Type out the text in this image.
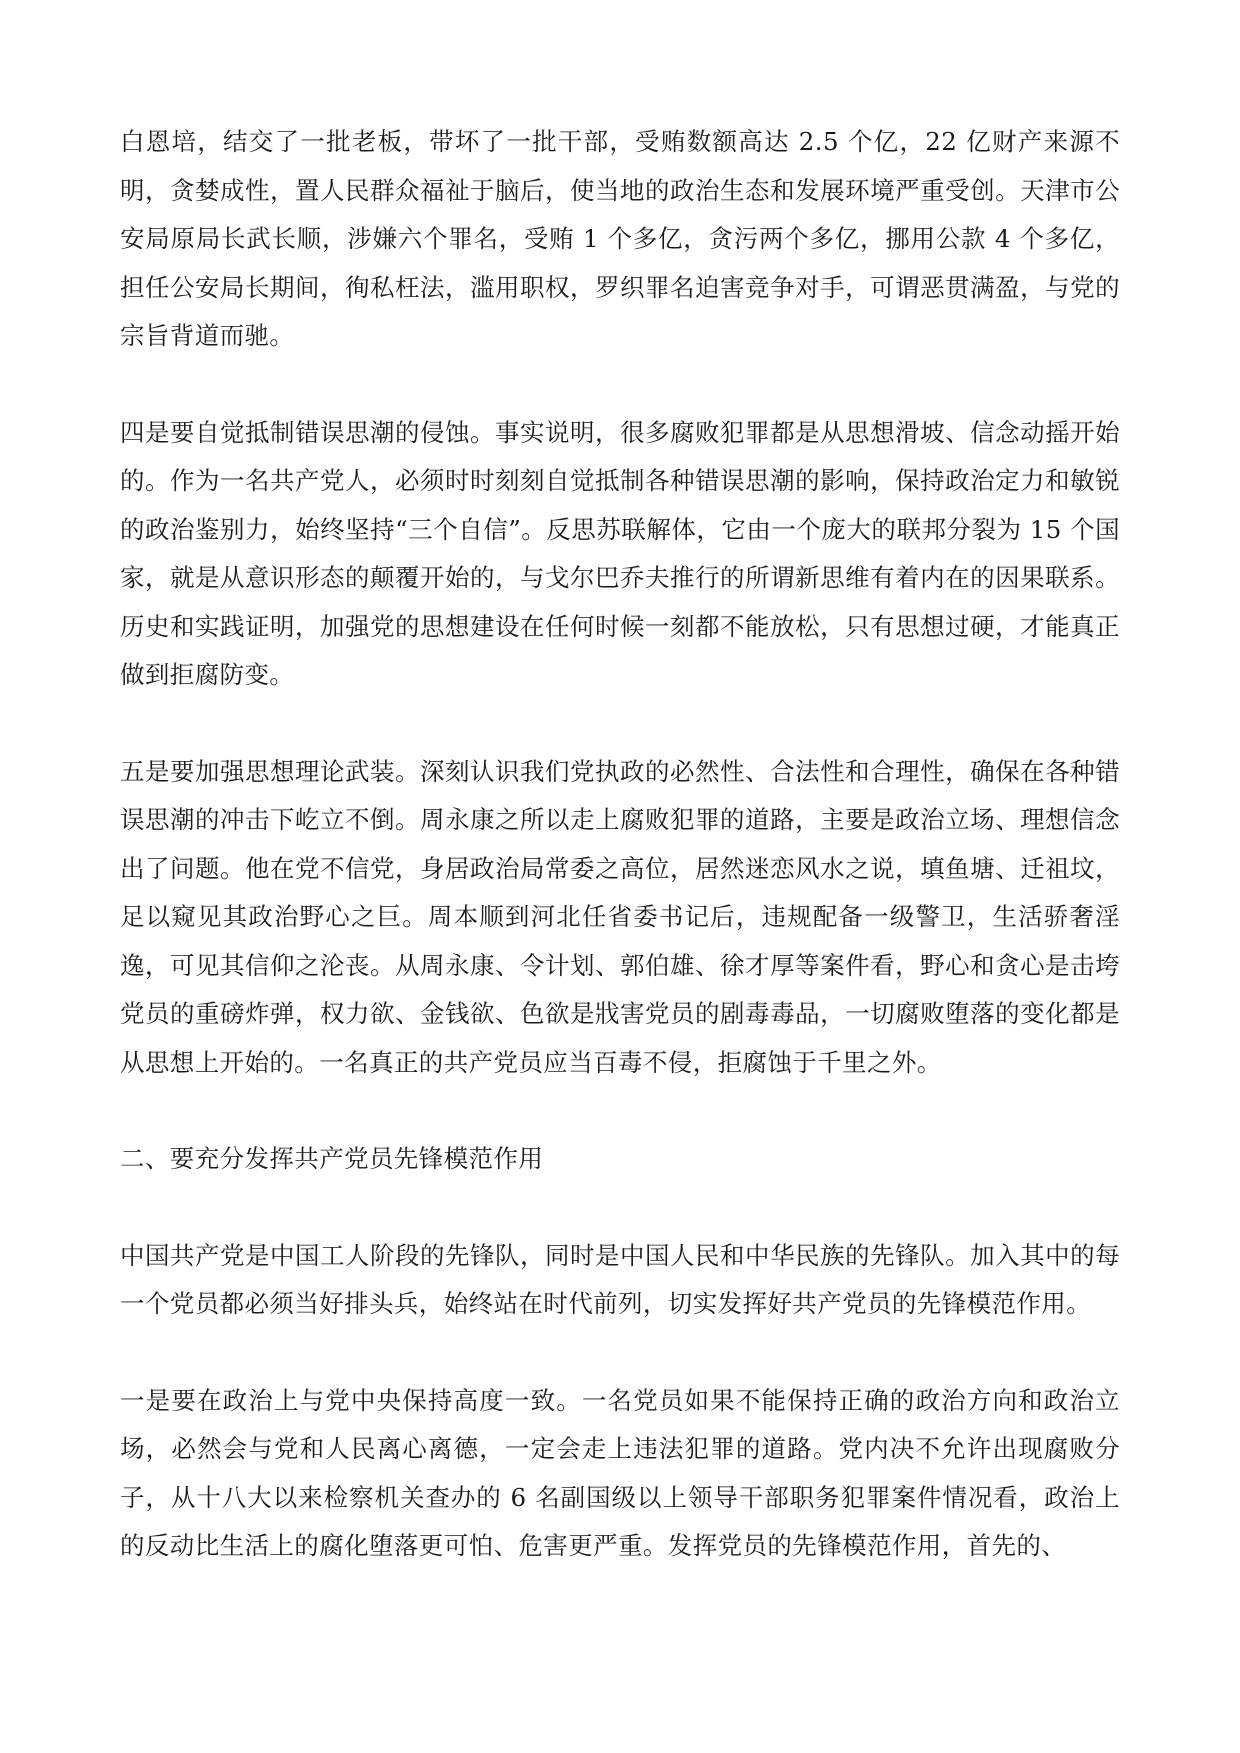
白恩培，结交了一批老板，带坏了一批干部，受贿数额高达 2.5 个亿，22 亿财产来源不明，贪婪成性，置人民群众福祉于脑后，使当地的政治生态和发展环境严重受创。天津市公安局原局长武长顺，涉嫌六个罪名，受贿 1 个多亿，贪污两个多亿，挪用公款 4 个多亿，担任公安局长期间，徇私枉法，滥用职权，罗织罪名迫害竞争对手，可谓恶贯满盈，与党的宗旨背道而驰。

四是要自觉抵制错误思潮的侵蚀。事实说明，很多腐败犯罪都是从思想滑坡、信念动摇开始的。作为一名共产党人，必须时时刻刻自觉抵制各种错误思潮的影响，保持政治定力和敏锐的政治鉴别力，始终坚持“三个自信”。反思苏联解体，它由一个庞大的联邦分裂为 15 个国家，就是从意识形态的颠覆开始的，与戈尔巴乔夫推行的所谓新思维有着内在的因果联系。历史和实践证明，加强党的思想建设在任何时候一刻都不能放松，只有思想过硬，才能真正做到拒腐防变。

五是要加强思想理论武装。深刻认识我们党执政的必然性、合法性和合理性，确保在各种错误思潮的冲击下屹立不倒。周永康之所以走上腐败犯罪的道路，主要是政治立场、理想信念出了问题。他在党不信党，身居政治局常委之高位，居然迷恋风水之说，填鱼塘、迁祖坟，足以窥见其政治野心之巨。周本顺到河北任省委书记后，违规配备一级警卫，生活骄奢淫逸，可见其信仰之沦丧。从周永康、令计划、郭伯雄、徐才厚等案件看，野心和贪心是击垮党员的重磅炸弹，权力欲、金钱欲、色欲是戕害党员的剧毒毒品，一切腐败堕落的变化都是从思想上开始的。一名真正的共产党员应当百毒不侵，拒腐蚀于千里之外。

二、要充分发挥共产党员先锋模范作用

中国共产党是中国工人阶段的先锋队，同时是中国人民和中华民族的先锋队。加入其中的每一个党员都必须当好排头兵，始终站在时代前列，切实发挥好共产党员的先锋模范作用。

一是要在政治上与党中央保持高度一致。一名党员如果不能保持正确的政治方向和政治立场，必然会与党和人民离心离德，一定会走上违法犯罪的道路。党内决不允许出现腐败分子，从十八大以来检察机关查办的 6 名副国级以上领导干部职务犯罪案件情况看，政治上的反动比生活上的腐化堕落更可怕、危害更严重。发挥党员的先锋模范作用，首先的、
